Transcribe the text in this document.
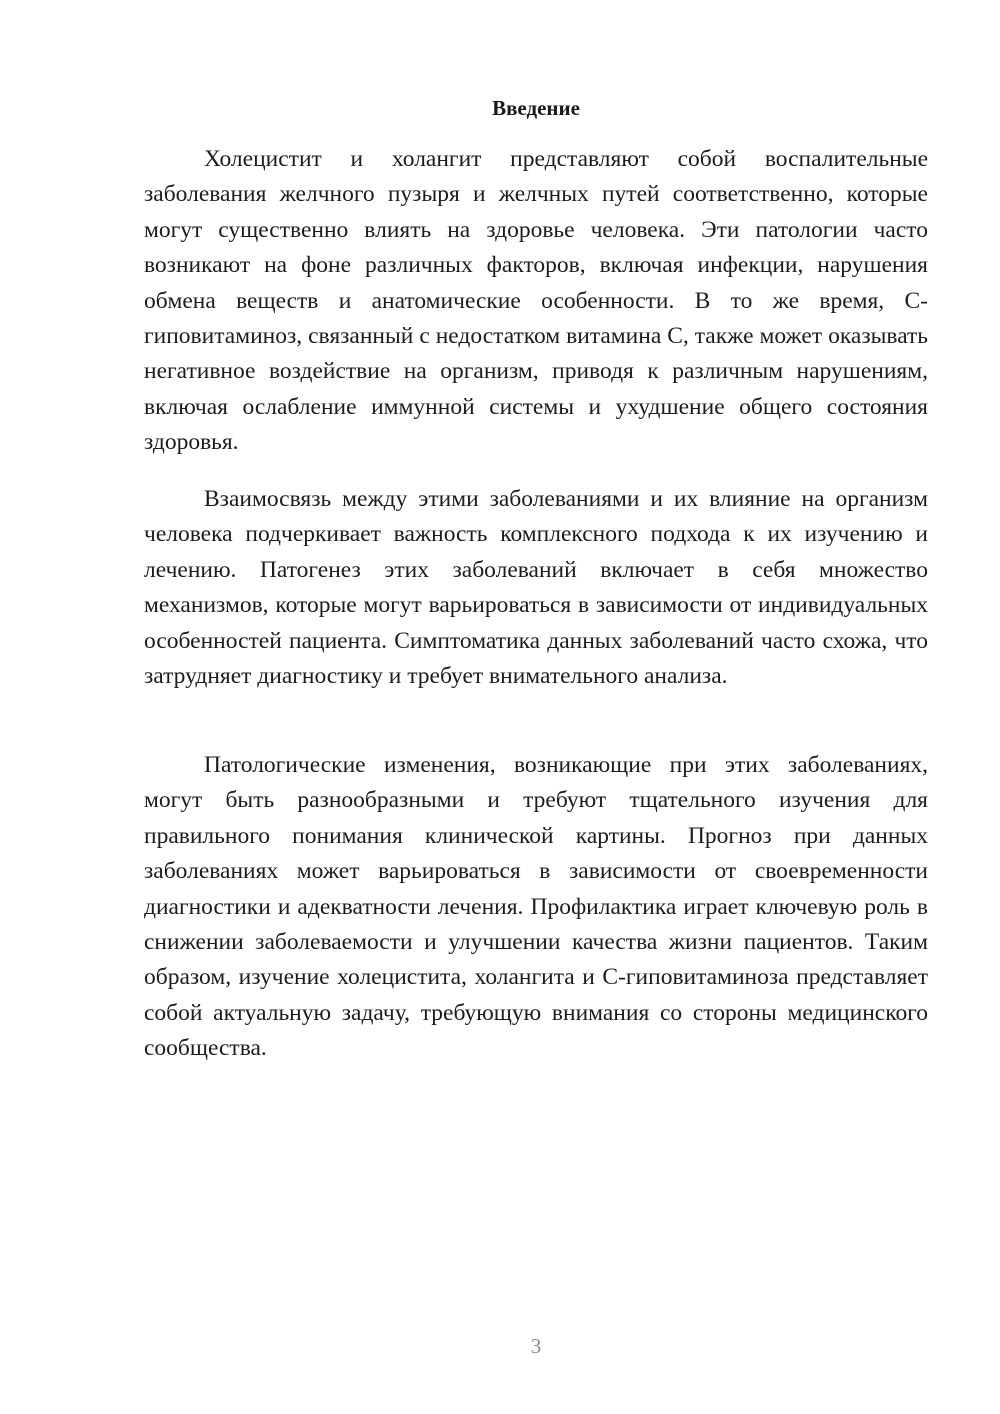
Введение

Холецистит и холангит представляют собой воспалительные заболевания желчного пузыря и желчных путей соответственно, которые могут существенно влиять на здоровье человека. Эти патологии часто возникают на фоне различных факторов, включая инфекции, нарушения обмена веществ и анатомические особенности. В то же время, С-гиповитаминоз, связанный с недостатком витамина С, также может оказывать негативное воздействие на организм, приводя к различным нарушениям, включая ослабление иммунной системы и ухудшение общего состояния здоровья.

Взаимосвязь между этими заболеваниями и их влияние на организм человека подчеркивает важность комплексного подхода к их изучению и лечению. Патогенез этих заболеваний включает в себя множество механизмов, которые могут варьироваться в зависимости от индивидуальных особенностей пациента. Симптоматика данных заболеваний часто схожа, что затрудняет диагностику и требует внимательного анализа.

Патологические изменения, возникающие при этих заболеваниях, могут быть разнообразными и требуют тщательного изучения для правильного понимания клинической картины. Прогноз при данных заболеваниях может варьироваться в зависимости от своевременности диагностики и адекватности лечения. Профилактика играет ключевую роль в снижении заболеваемости и улучшении качества жизни пациентов. Таким образом, изучение холецистита, холангита и С-гиповитаминоза представляет собой актуальную задачу, требующую внимания со стороны медицинского сообщества.

3
